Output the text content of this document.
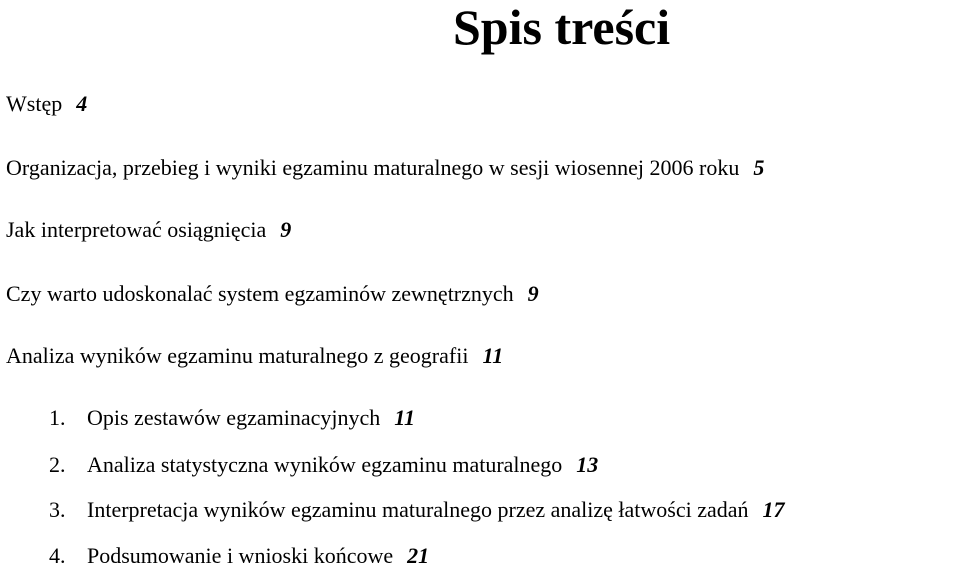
Spis treści
Wstęp 4
Organizacja, przebieg i wyniki egzaminu maturalnego w sesji wiosennej 2006 roku 5
Jak interpretować osiągnięcia 9
Czy warto udoskonalać system egzaminów zewnętrznych 9
Analiza wyników egzaminu maturalnego z geografii 11
1. Opis zestawów egzaminacyjnych 11
2. Analiza statystyczna wyników egzaminu maturalnego 13
3. Interpretacja wyników egzaminu maturalnego przez analizę łatwości zadań 17
4. Podsumowanie i wnioski końcowe 21
